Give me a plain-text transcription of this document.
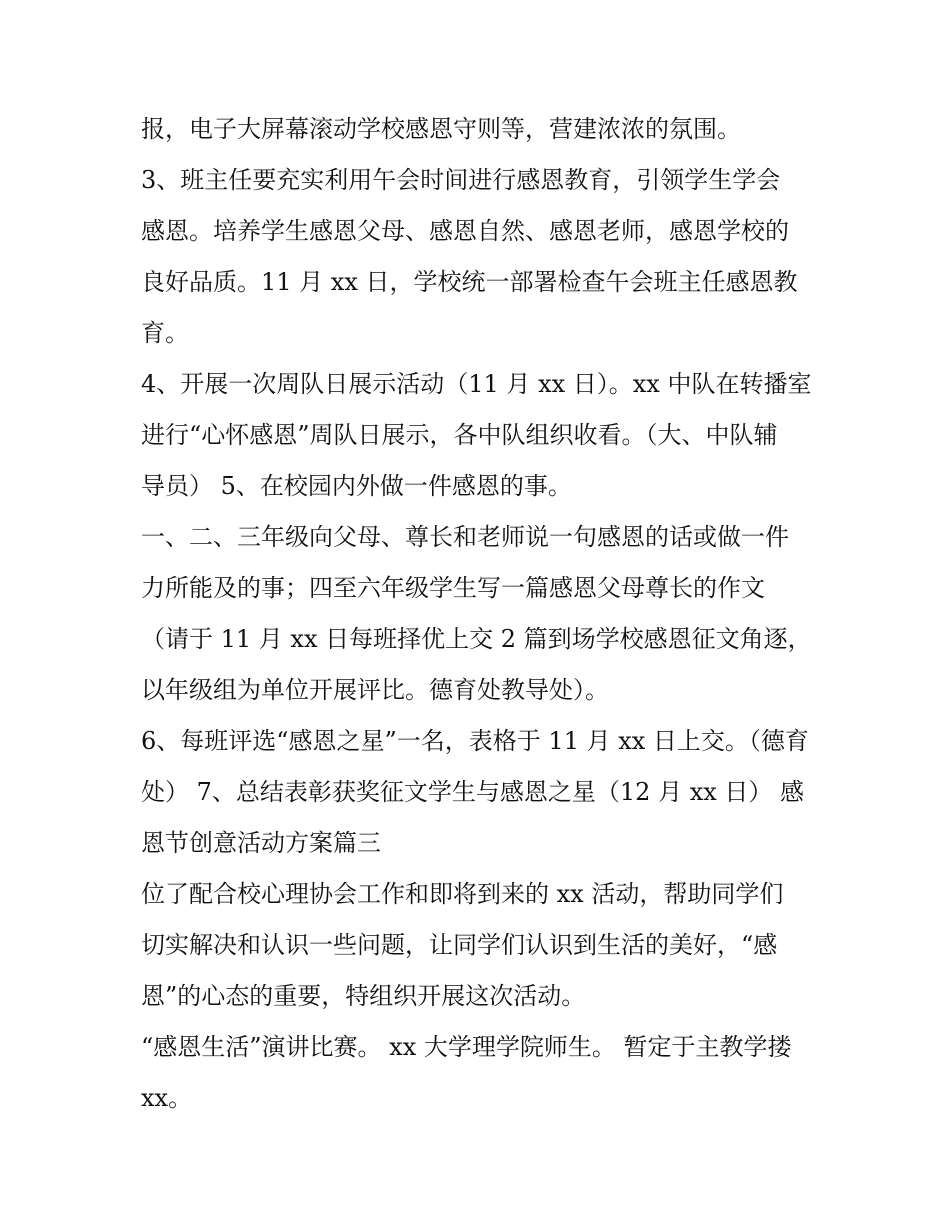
报，电子大屏幕滚动学校感恩守则等，营建浓浓的氛围。
3、班主任要充实利用午会时间进行感恩教育，引领学生学会
感恩。培养学生感恩父母、感恩自然、感恩老师，感恩学校的
良好品质。11 月 xx 日，学校统一部署检查午会班主任感恩教
育。
4、开展一次周队日展示活动（11 月 xx 日）。xx 中队在转播室
进行“心怀感恩”周队日展示，各中队组织收看。（大、中队辅
导员） 5、在校园内外做一件感恩的事。
一、二、三年级向父母、尊长和老师说一句感恩的话或做一件
力所能及的事；四至六年级学生写一篇感恩父母尊长的作文
（请于 11 月 xx 日每班择优上交 2 篇到场学校感恩征文角逐，
以年级组为单位开展评比。德育处教导处）。
6、每班评选“感恩之星”一名，表格于 11 月 xx 日上交。（德育
处） 7、总结表彰获奖征文学生与感恩之星（12 月 xx 日） 感
恩节创意活动方案篇三
位了配合校心理协会工作和即将到来的 xx 活动，帮助同学们
切实解决和认识一些问题，让同学们认识到生活的美好，“感
恩”的心态的重要，特组织开展这次活动。
“感恩生活”演讲比赛。 xx 大学理学院师生。 暂定于主教学搂
xx。
